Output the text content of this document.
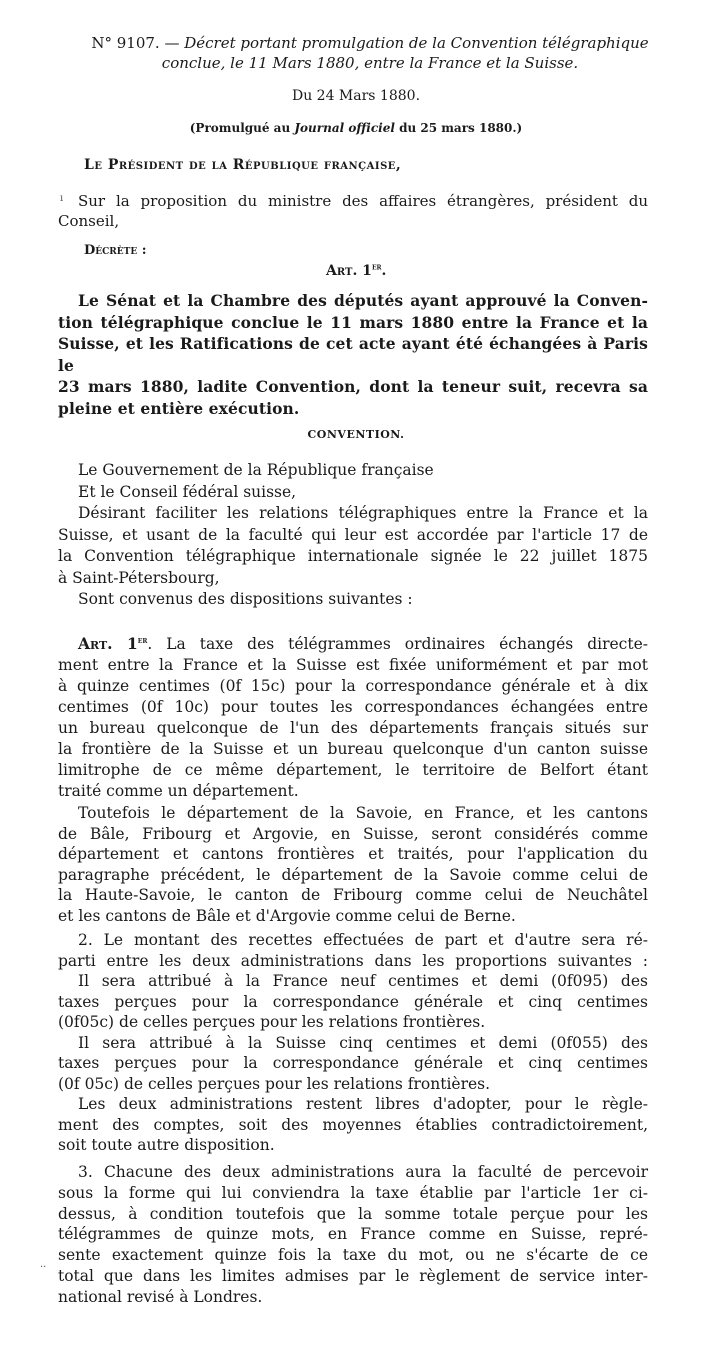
N° 9107. — Décret portant promulgation de la Convention télégraphique
conclue, le 11 Mars 1880, entre la France et la Suisse.
Du 24 Mars 1880.
(Promulgué au Journal officiel du 25 mars 1880.)
Le Président de la République française,
Sur la proposition du ministre des affaires étrangères, président du
Conseil,
Décrète :
Art. 1er.
Le Sénat et la Chambre des députés ayant approuvé la Conven-
tion télégraphique conclue le 11 mars 1880 entre la France et la
Suisse, et les Ratifications de cet acte ayant été échangées à Paris le
23 mars 1880, ladite Convention, dont la teneur suit, recevra sa
pleine et entière exécution.
CONVENTION.
Le Gouvernement de la République française
Et le Conseil fédéral suisse,
Désirant faciliter les relations télégraphiques entre la France et la
Suisse, et usant de la faculté qui leur est accordée par l'article 17 de
la Convention télégraphique internationale signée le 22 juillet 1875
à Saint-Pétersbourg,
Sont convenus des dispositions suivantes :
Art. 1er. La taxe des télégrammes ordinaires échangés directe-
ment entre la France et la Suisse est fixée uniformément et par mot
à quinze centimes (0f 15c) pour la correspondance générale et à dix
centimes (0f 10c) pour toutes les correspondances échangées entre
un bureau quelconque de l'un des départements français situés sur
la frontière de la Suisse et un bureau quelconque d'un canton suisse
limitrophe de ce même département, le territoire de Belfort étant
traité comme un département.
Toutefois le département de la Savoie, en France, et les cantons
de Bâle, Fribourg et Argovie, en Suisse, seront considérés comme
département et cantons frontières et traités, pour l'application du
paragraphe précédent, le département de la Savoie comme celui de
la Haute-Savoie, le canton de Fribourg comme celui de Neuchâtel
et les cantons de Bâle et d'Argovie comme celui de Berne.
2. Le montant des recettes effectuées de part et d'autre sera ré-
parti entre les deux administrations dans les proportions suivantes :
Il sera attribué à la France neuf centimes et demi (0f095) des
taxes perçues pour la correspondance générale et cinq centimes
(0f05c) de celles perçues pour les relations frontières.
Il sera attribué à la Suisse cinq centimes et demi (0f055) des
taxes perçues pour la correspondance générale et cinq centimes
(0f 05c) de celles perçues pour les relations frontières.
Les deux administrations restent libres d'adopter, pour le règle-
ment des comptes, soit des moyennes établies contradictoirement,
soit toute autre disposition.
3. Chacune des deux administrations aura la faculté de percevoir
sous la forme qui lui conviendra la taxe établie par l'article 1er ci-
dessus, à condition toutefois que la somme totale perçue pour les
télégrammes de quinze mots, en France comme en Suisse, repré-
sente exactement quinze fois la taxe du mot, ou ne s'écarte de ce
total que dans les limites admises par le règlement de service inter-
national revisé à Londres.
ı
··
